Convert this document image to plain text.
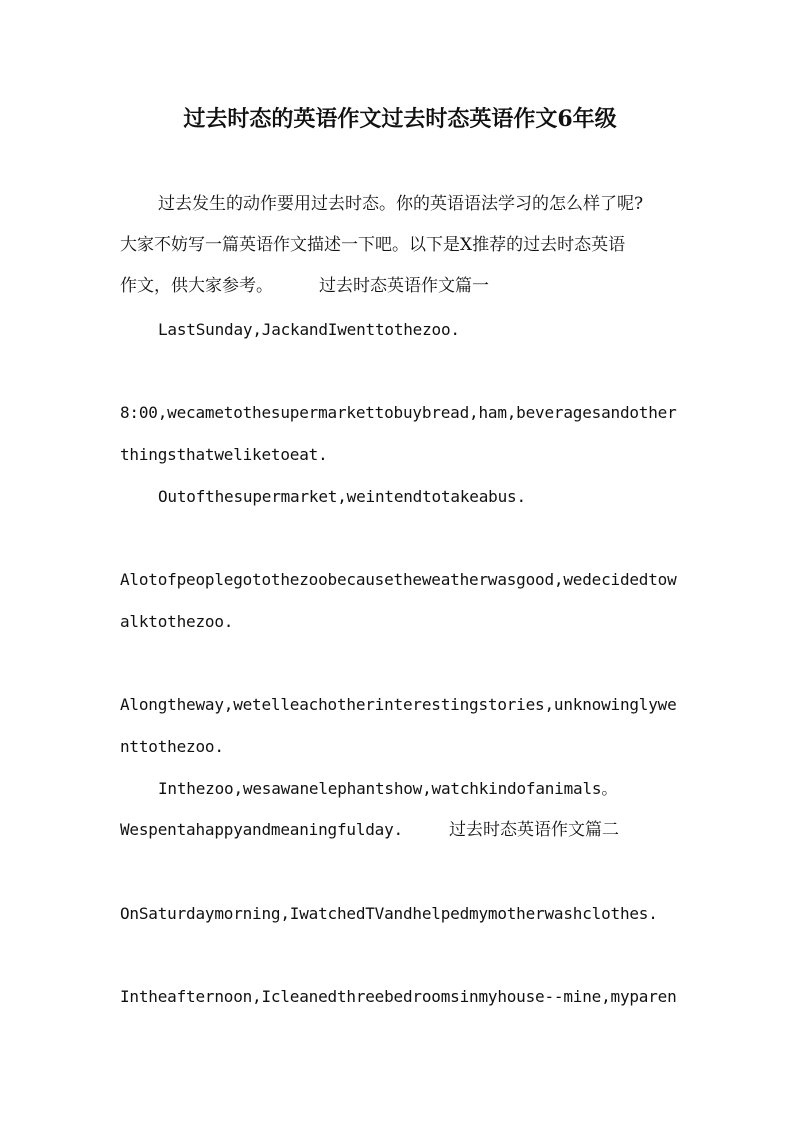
过去时态的英语作文过去时态英语作文6年级
过去发生的动作要用过去时态。你的英语语法学习的怎么样了呢?
大家不妨写一篇英语作文描述一下吧。以下是X推荐的过去时态英语
作文，供大家参考。	过去时态英语作文篇一
LastSunday,JackandIwenttothezoo.
8:00,wecametothesupermarkettobuybread,ham,beveragesandother
thingsthatweliketoeat.
Outofthesupermarket,weintendtotakeabus.
Alotofpeoplegotothezoobecausetheweatherwasgood,wedecidedtow
alktothezoo.
Alongtheway,wetelleachotherinterestingstories,unknowinglywe
nttothezoo.
Inthezoo,wesawanelephantshow,watchkindofanimals。
Wespentahappyandmeaningfulday.	过去时态英语作文篇二
OnSaturdaymorning,IwatchedTVandhelpedmymotherwashclothes.
Intheafternoon,Icleanedthreebedroomsinmyhouse--mine,myparen
